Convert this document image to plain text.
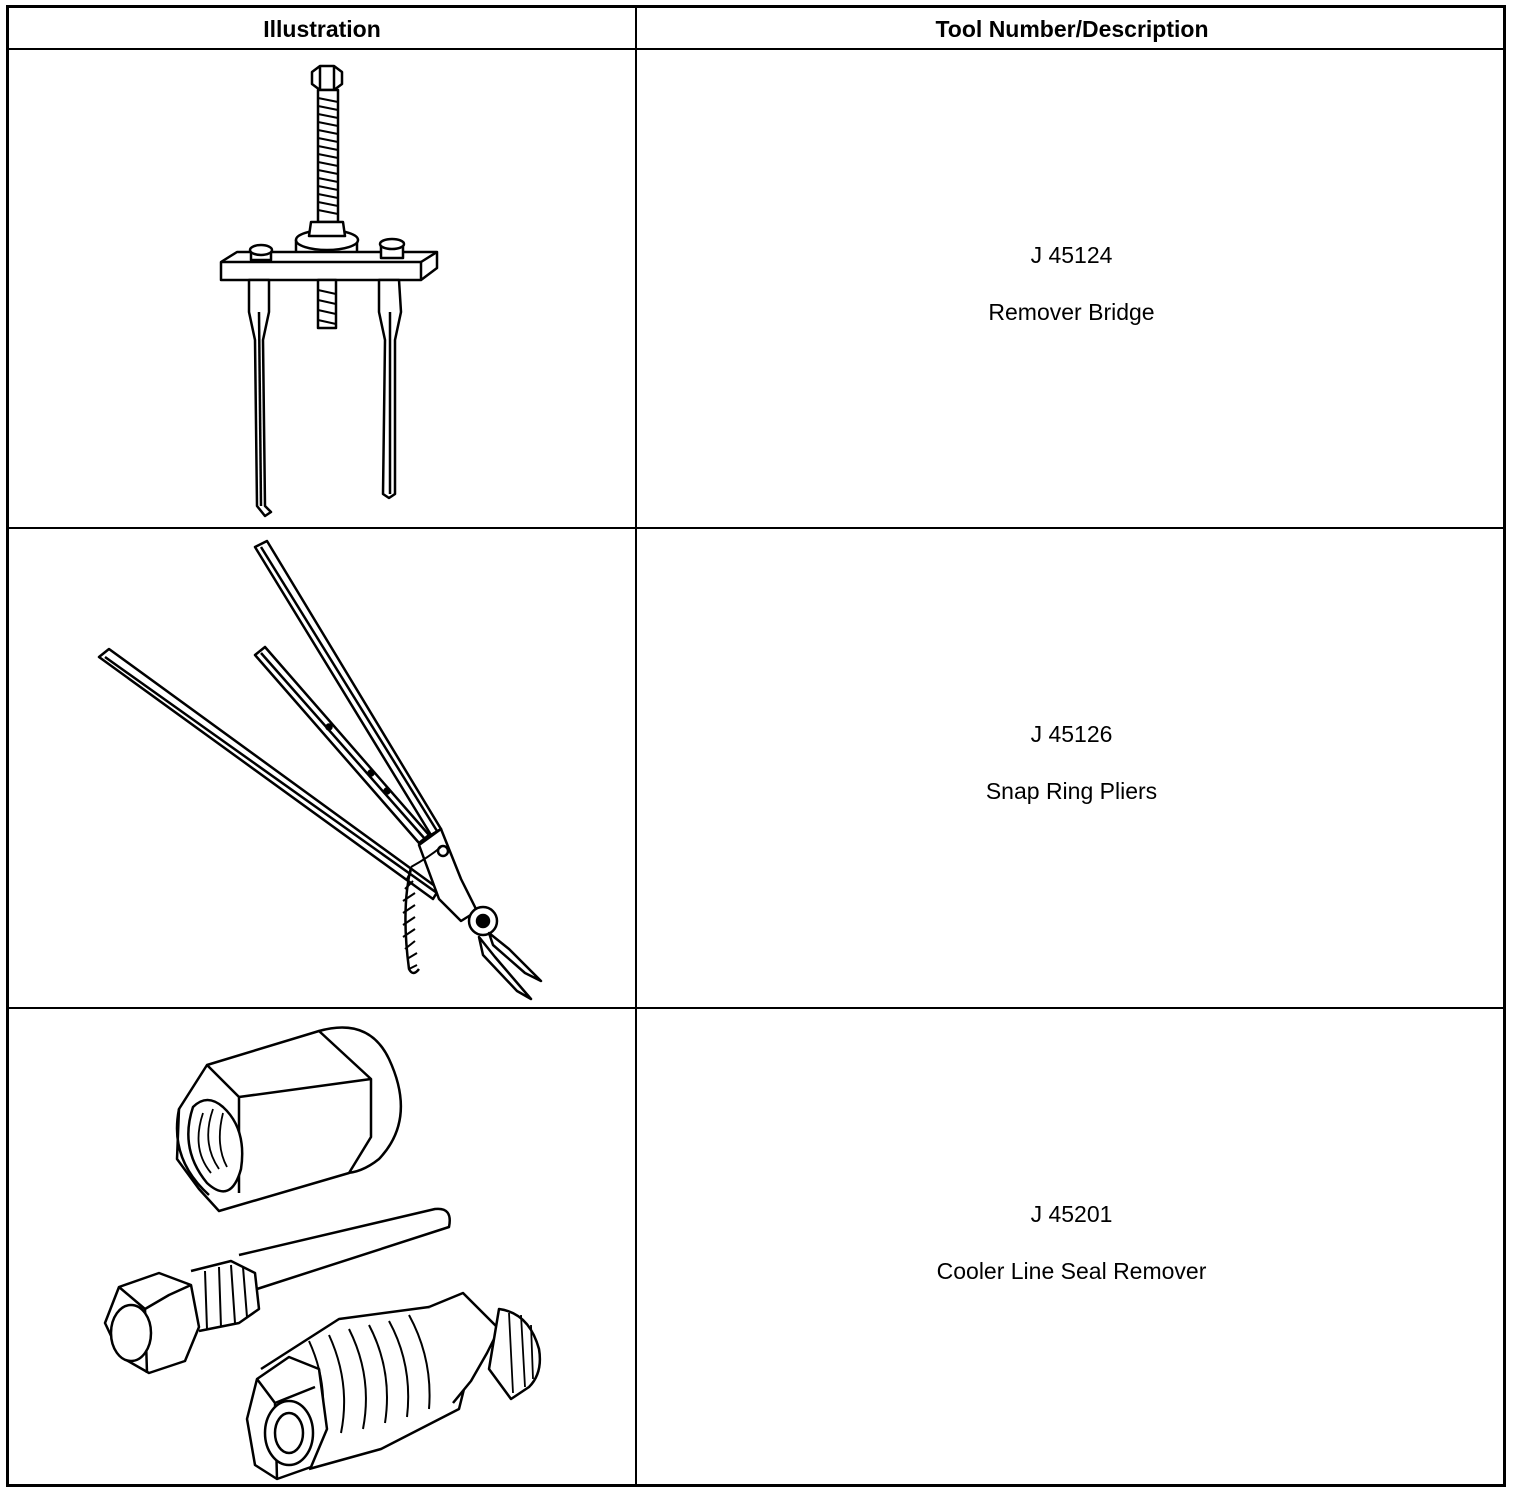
Illustration	Tool Number/Description
J 45124
Remover Bridge
J 45126
Snap Ring Pliers
J 45201
Cooler Line Seal Remover
